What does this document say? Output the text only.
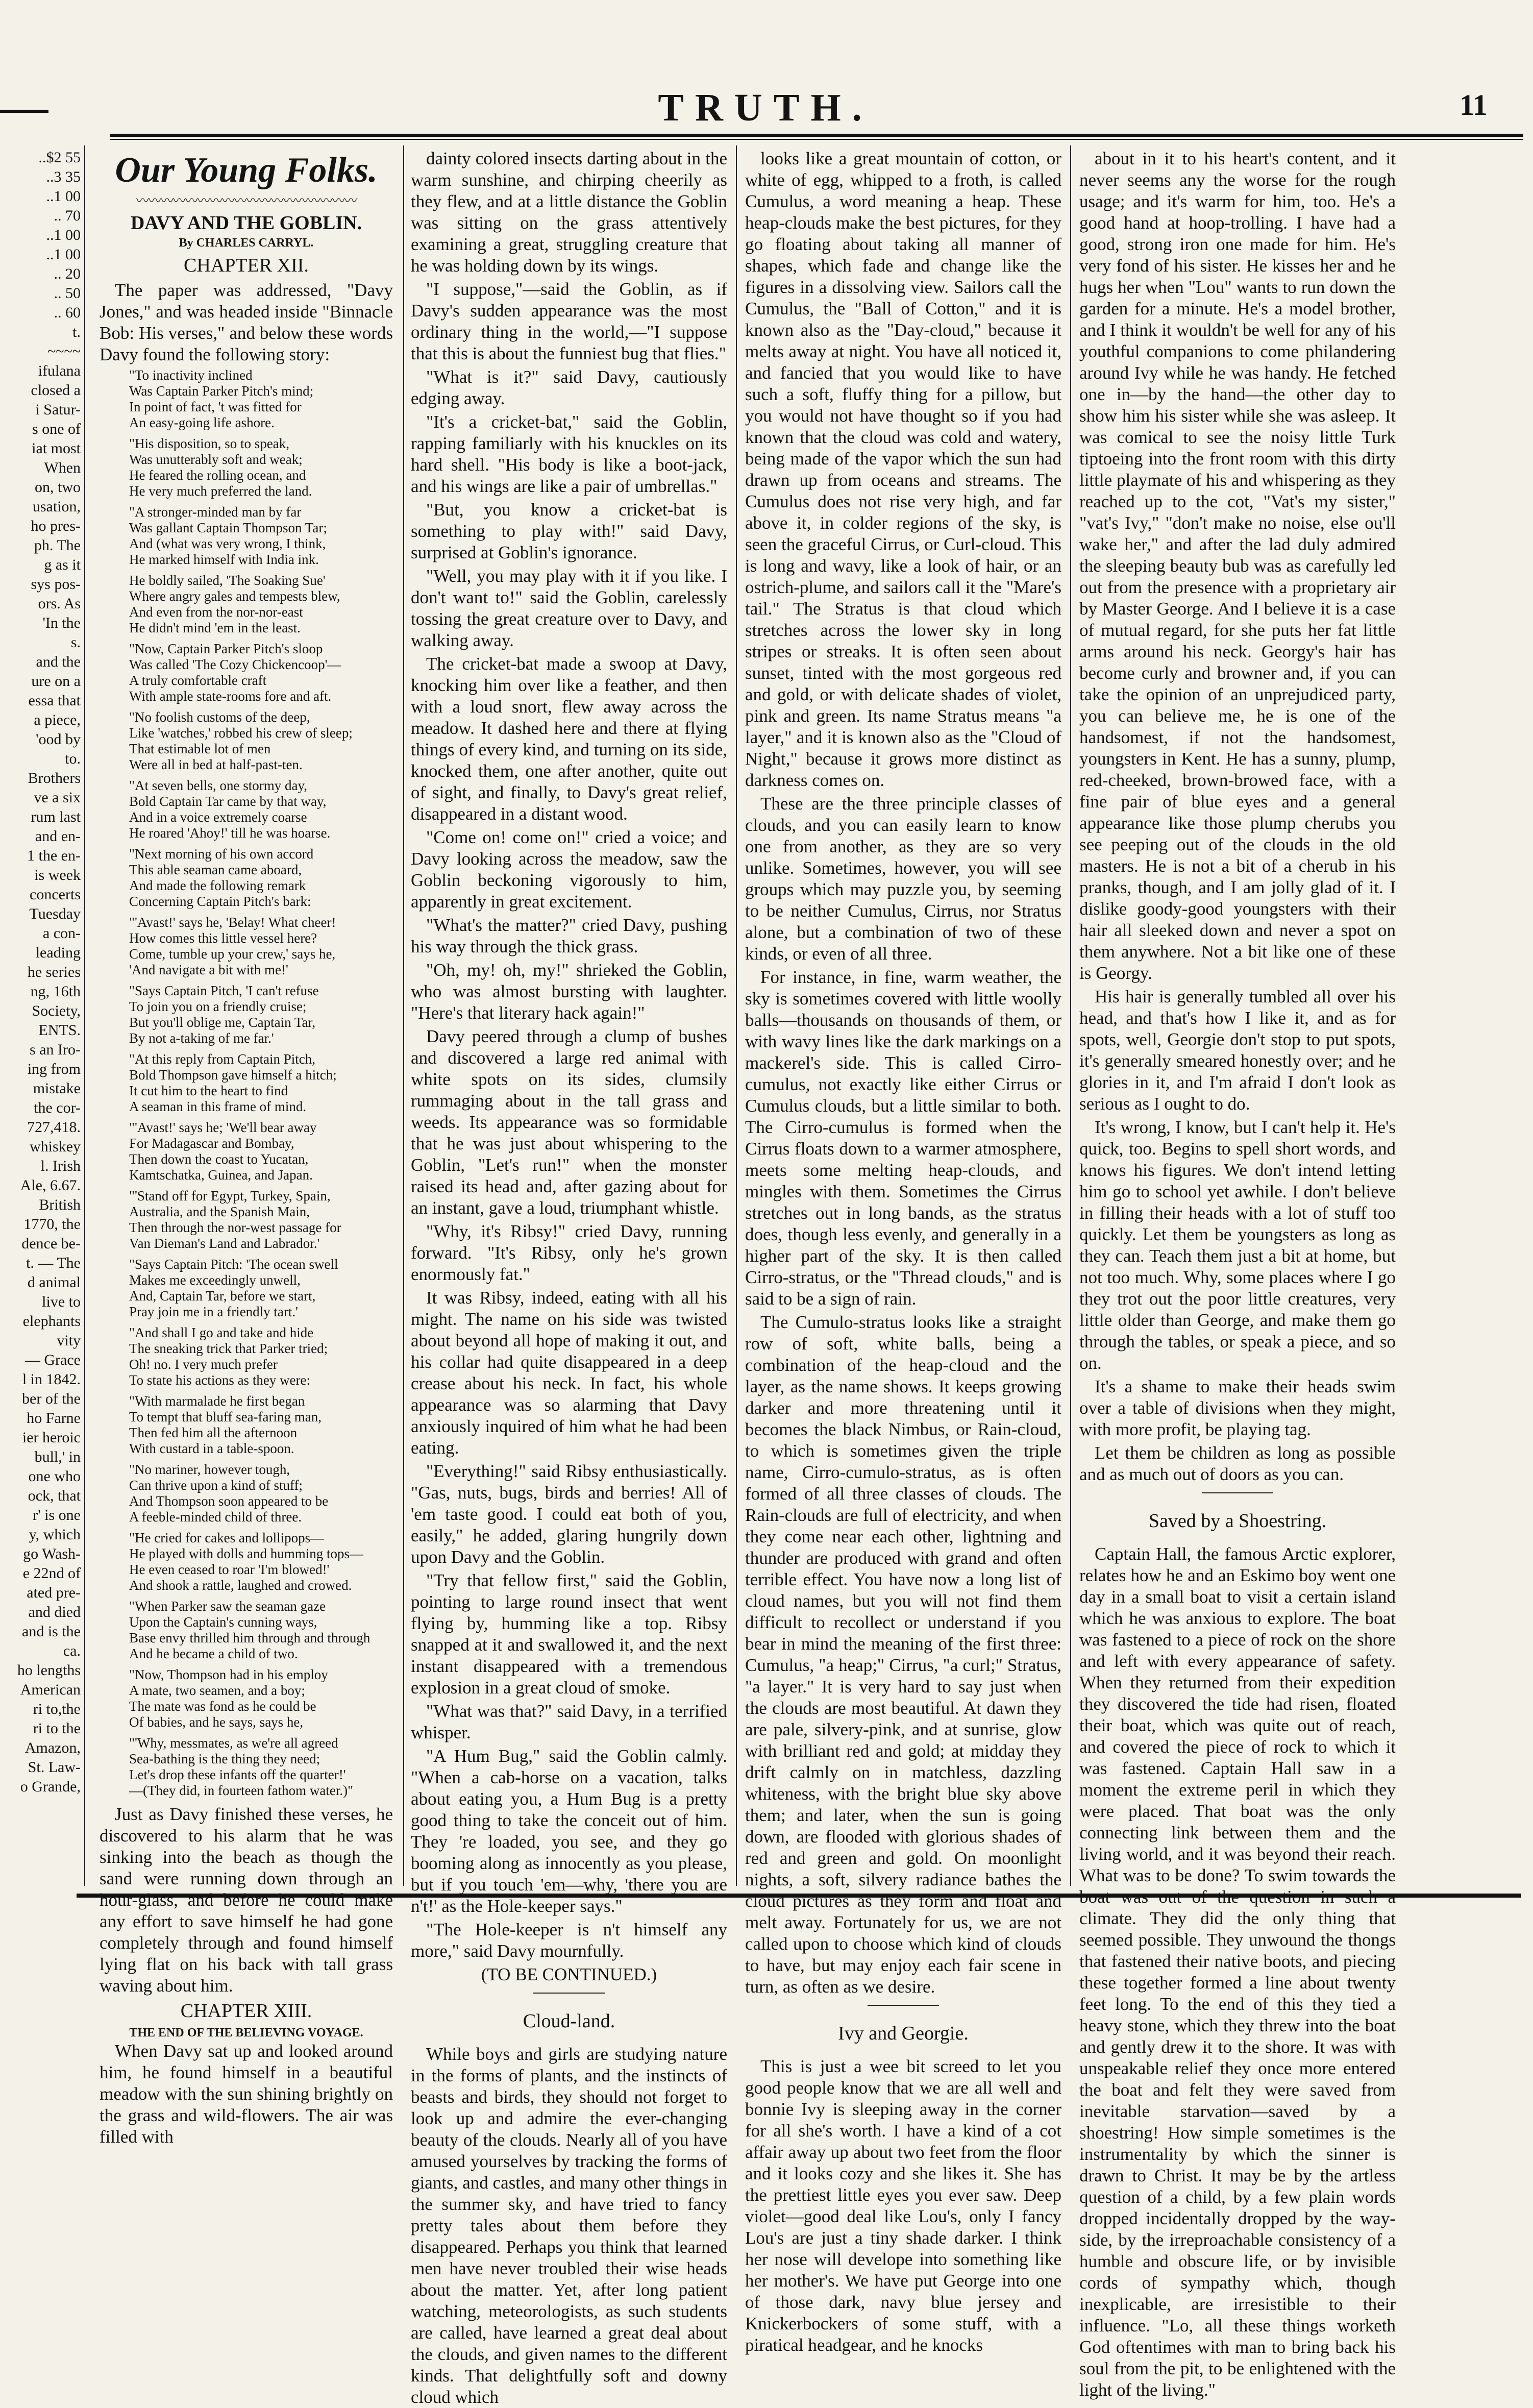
TRUTH.	11
..$2 55
..3 35
..1 00
.. 70
..1 00
..1 00
.. 20
.. 50
.. 60
t.
~~~~
ifulana
closed a
i Satur-
s one of
iat most
When
on, two
usation,
ho pres-
ph. The
g as it
sys pos-
ors. As
'In the
s.
and the
ure on a
essa that
a piece,
'ood by
to.
Brothers
ve a six
rum last
and en-
1 the en-
is week
concerts
Tuesday
a con-
leading
he series
ng, 16th
Society,
ENTS.
s an Iro-
ing from
mistake
the cor-
727,418.
whiskey
l. Irish
Ale, 6.67.
British
1770, the
dence be-
t. — The
d animal
live to
elephants
vity
— Grace
l in 1842.
ber of the
ho Farne
ier heroic
bull,' in
one who
ock, that
r' is one
y, which
go Wash-
e 22nd of
ated pre-
and died
and is the
ca.
ho lengths
American
ri to,the
ri to the
Amazon,
St. Law-
o Grande,
Our Young Folks.
〰〰〰〰〰〰〰〰〰〰〰〰〰〰〰〰〰〰
DAVY AND THE GOBLIN.
By CHARLES CARRYL.
CHAPTER XII.

The paper was addressed, "Davy Jones," and was headed inside "Binnacle Bob: His verses," and below these words Davy found the following story:

"To inactivity inclined
Was Captain Parker Pitch's mind;
In point of fact, 't was fitted for
An easy-going life ashore.
"His disposition, so to speak,
Was unutterably soft and weak;
He feared the rolling ocean, and
He very much preferred the land.
"A stronger-minded man by far
Was gallant Captain Thompson Tar;
And (what was very wrong, I think,
He marked himself with India ink.
He boldly sailed, 'The Soaking Sue'
Where angry gales and tempests blew,
And even from the nor-nor-east
He didn't mind 'em in the least.
"Now, Captain Parker Pitch's sloop
Was called 'The Cozy Chickencoop'—
A truly comfortable craft
With ample state-rooms fore and aft.
"No foolish customs of the deep,
Like 'watches,' robbed his crew of sleep;
That estimable lot of men
Were all in bed at half-past-ten.
"At seven bells, one stormy day,
Bold Captain Tar came by that way,
And in a voice extremely coarse
He roared 'Ahoy!' till he was hoarse.
"Next morning of his own accord
This able seaman came aboard,
And made the following remark
Concerning Captain Pitch's bark:
"'Avast!' says he, 'Belay! What cheer!
How comes this little vessel here?
Come, tumble up your crew,' says he,
'And navigate a bit with me!'
"Says Captain Pitch, 'I can't refuse
To join you on a friendly cruise;
But you'll oblige me, Captain Tar,
By not a-taking of me far.'
"At this reply from Captain Pitch,
Bold Thompson gave himself a hitch;
It cut him to the heart to find
A seaman in this frame of mind.
"'Avast!' says he; 'We'll bear away
For Madagascar and Bombay,
Then down the coast to Yucatan,
Kamtschatka, Guinea, and Japan.
"'Stand off for Egypt, Turkey, Spain,
Australia, and the Spanish Main,
Then through the nor-west passage for
Van Dieman's Land and Labrador.'
"Says Captain Pitch: 'The ocean swell
Makes me exceedingly unwell,
And, Captain Tar, before we start,
Pray join me in a friendly tart.'
"And shall I go and take and hide
The sneaking trick that Parker tried;
Oh! no. I very much prefer
To state his actions as they were:
"With marmalade he first began
To tempt that bluff sea-faring man,
Then fed him all the afternoon
With custard in a table-spoon.
"No mariner, however tough,
Can thrive upon a kind of stuff;
And Thompson soon appeared to be
A feeble-minded child of three.
"He cried for cakes and lollipops—
He played with dolls and humming tops—
He even ceased to roar 'I'm blowed!'
And shook a rattle, laughed and crowed.
"When Parker saw the seaman gaze
Upon the Captain's cunning ways,
Base envy thrilled him through and through
And he became a child of two.
"Now, Thompson had in his employ
A mate, two seamen, and a boy;
The mate was fond as he could be
Of babies, and he says, says he,
"'Why, messmates, as we're all agreed
Sea-bathing is the thing they need;
Let's drop these infants off the quarter!'
—(They did, in fourteen fathom water.)"

Just as Davy finished these verses, he discovered to his alarm that he was sinking into the beach as though the sand were running down through an hour-glass, and before he could make any effort to save himself he had gone completely through and found himself lying flat on his back with tall grass waving about him.

CHAPTER XIII.
THE END OF THE BELIEVING VOYAGE.

When Davy sat up and looked around him, he found himself in a beautiful meadow with the sun shining brightly on the grass and wild-flowers. The air was filled with

dainty colored insects darting about in the warm sunshine, and chirping cheerily as they flew, and at a little distance the Goblin was sitting on the grass attentively examining a great, struggling creature that he was holding down by its wings.

"I suppose,"—said the Goblin, as if Davy's sudden appearance was the most ordinary thing in the world,—"I suppose that this is about the funniest bug that flies."

"What is it?" said Davy, cautiously edging away.

"It's a cricket-bat," said the Goblin, rapping familiarly with his knuckles on its hard shell. "His body is like a boot-jack, and his wings are like a pair of umbrellas."

"But, you know a cricket-bat is something to play with!" said Davy, surprised at Goblin's ignorance.

"Well, you may play with it if you like. I don't want to!" said the Goblin, carelessly tossing the great creature over to Davy, and walking away.

The cricket-bat made a swoop at Davy, knocking him over like a feather, and then with a loud snort, flew away across the meadow. It dashed here and there at flying things of every kind, and turning on its side, knocked them, one after another, quite out of sight, and finally, to Davy's great relief, disappeared in a distant wood.

"Come on! come on!" cried a voice; and Davy looking across the meadow, saw the Goblin beckoning vigorously to him, apparently in great excitement.

"What's the matter?" cried Davy, pushing his way through the thick grass.

"Oh, my! oh, my!" shrieked the Goblin, who was almost bursting with laughter. "Here's that literary hack again!"

Davy peered through a clump of bushes and discovered a large red animal with white spots on its sides, clumsily rummaging about in the tall grass and weeds. Its appearance was so formidable that he was just about whispering to the Goblin, "Let's run!" when the monster raised its head and, after gazing about for an instant, gave a loud, triumphant whistle.

"Why, it's Ribsy!" cried Davy, running forward. "It's Ribsy, only he's grown enormously fat."

It was Ribsy, indeed, eating with all his might. The name on his side was twisted about beyond all hope of making it out, and his collar had quite disappeared in a deep crease about his neck. In fact, his whole appearance was so alarming that Davy anxiously inquired of him what he had been eating.

"Everything!" said Ribsy enthusiastically. "Gas, nuts, bugs, birds and berries! All of 'em taste good. I could eat both of you, easily," he added, glaring hungrily down upon Davy and the Goblin.

"Try that fellow first," said the Goblin, pointing to large round insect that went flying by, humming like a top. Ribsy snapped at it and swallowed it, and the next instant disappeared with a tremendous explosion in a great cloud of smoke.

"What was that?" said Davy, in a terrified whisper.

"A Hum Bug," said the Goblin calmly. "When a cab-horse on a vacation, talks about eating you, a Hum Bug is a pretty good thing to take the conceit out of him. They 're loaded, you see, and they go booming along as innocently as you please, but if you touch 'em—why, 'there you are n't!' as the Hole-keeper says."

"The Hole-keeper is n't himself any more," said Davy mournfully.

(TO BE CONTINUED.)
Cloud-land.

While boys and girls are studying nature in the forms of plants, and the instincts of beasts and birds, they should not forget to look up and admire the ever-changing beauty of the clouds. Nearly all of you have amused yourselves by tracking the forms of giants, and castles, and many other things in the summer sky, and have tried to fancy pretty tales about them before they disappeared. Perhaps you think that learned men have never troubled their wise heads about the matter. Yet, after long patient watching, meteorologists, as such students are called, have learned a great deal about the clouds, and given names to the different kinds. That delightfully soft and downy cloud which

looks like a great mountain of cotton, or white of egg, whipped to a froth, is called Cumulus, a word meaning a heap. These heap-clouds make the best pictures, for they go floating about taking all manner of shapes, which fade and change like the figures in a dissolving view. Sailors call the Cumulus, the "Ball of Cotton," and it is known also as the "Day-cloud," because it melts away at night. You have all noticed it, and fancied that you would like to have such a soft, fluffy thing for a pillow, but you would not have thought so if you had known that the cloud was cold and watery, being made of the vapor which the sun had drawn up from oceans and streams. The Cumulus does not rise very high, and far above it, in colder regions of the sky, is seen the graceful Cirrus, or Curl-cloud. This is long and wavy, like a look of hair, or an ostrich-plume, and sailors call it the "Mare's tail." The Stratus is that cloud which stretches across the lower sky in long stripes or streaks. It is often seen about sunset, tinted with the most gorgeous red and gold, or with delicate shades of violet, pink and green. Its name Stratus means "a layer," and it is known also as the "Cloud of Night," because it grows more distinct as darkness comes on.

These are the three principle classes of clouds, and you can easily learn to know one from another, as they are so very unlike. Sometimes, however, you will see groups which may puzzle you, by seeming to be neither Cumulus, Cirrus, nor Stratus alone, but a combination of two of these kinds, or even of all three.

For instance, in fine, warm weather, the sky is sometimes covered with little woolly balls—thousands on thousands of them, or with wavy lines like the dark markings on a mackerel's side. This is called Cirro-cumulus, not exactly like either Cirrus or Cumulus clouds, but a little similar to both. The Cirro-cumulus is formed when the Cirrus floats down to a warmer atmosphere, meets some melting heap-clouds, and mingles with them. Sometimes the Cirrus stretches out in long bands, as the stratus does, though less evenly, and generally in a higher part of the sky. It is then called Cirro-stratus, or the "Thread clouds," and is said to be a sign of rain.

The Cumulo-stratus looks like a straight row of soft, white balls, being a combination of the heap-cloud and the layer, as the name shows. It keeps growing darker and more threatening until it becomes the black Nimbus, or Rain-cloud, to which is sometimes given the triple name, Cirro-cumulo-stratus, as is often formed of all three classes of clouds. The Rain-clouds are full of electricity, and when they come near each other, lightning and thunder are produced with grand and often terrible effect. You have now a long list of cloud names, but you will not find them difficult to recollect or understand if you bear in mind the meaning of the first three: Cumulus, "a heap;" Cirrus, "a curl;" Stratus, "a layer." It is very hard to say just when the clouds are most beautiful. At dawn they are pale, silvery-pink, and at sunrise, glow with brilliant red and gold; at midday they drift calmly on in matchless, dazzling whiteness, with the bright blue sky above them; and later, when the sun is going down, are flooded with glorious shades of red and green and gold. On moonlight nights, a soft, silvery radiance bathes the cloud pictures as they form and float and melt away. Fortunately for us, we are not called upon to choose which kind of clouds to have, but may enjoy each fair scene in turn, as often as we desire.

Ivy and Georgie.

This is just a wee bit screed to let you good people know that we are all well and bonnie Ivy is sleeping away in the corner for all she's worth. I have a kind of a cot affair away up about two feet from the floor and it looks cozy and she likes it. She has the prettiest little eyes you ever saw. Deep violet—good deal like Lou's, only I fancy Lou's are just a tiny shade darker. I think her nose will develope into something like her mother's. We have put George into one of those dark, navy blue jersey and Knickerbockers of some stuff, with a piratical headgear, and he knocks

about in it to his heart's content, and it never seems any the worse for the rough usage; and it's warm for him, too. He's a good hand at hoop-trolling. I have had a good, strong iron one made for him. He's very fond of his sister. He kisses her and he hugs her when "Lou" wants to run down the garden for a minute. He's a model brother, and I think it wouldn't be well for any of his youthful companions to come philandering around Ivy while he was handy. He fetched one in—by the hand—the other day to show him his sister while she was asleep. It was comical to see the noisy little Turk tiptoeing into the front room with this dirty little playmate of his and whispering as they reached up to the cot, "Vat's my sister," "vat's Ivy," "don't make no noise, else ou'll wake her," and after the lad duly admired the sleeping beauty bub was as carefully led out from the presence with a proprietary air by Master George. And I believe it is a case of mutual regard, for she puts her fat little arms around his neck. Georgy's hair has become curly and browner and, if you can take the opinion of an unprejudiced party, you can believe me, he is one of the handsomest, if not the handsomest, youngsters in Kent. He has a sunny, plump, red-cheeked, brown-browed face, with a fine pair of blue eyes and a general appearance like those plump cherubs you see peeping out of the clouds in the old masters. He is not a bit of a cherub in his pranks, though, and I am jolly glad of it. I dislike goody-good youngsters with their hair all sleeked down and never a spot on them anywhere. Not a bit like one of these is Georgy.

His hair is generally tumbled all over his head, and that's how I like it, and as for spots, well, Georgie don't stop to put spots, it's generally smeared honestly over; and he glories in it, and I'm afraid I don't look as serious as I ought to do.

It's wrong, I know, but I can't help it. He's quick, too. Begins to spell short words, and knows his figures. We don't intend letting him go to school yet awhile. I don't believe in filling their heads with a lot of stuff too quickly. Let them be youngsters as long as they can. Teach them just a bit at home, but not too much. Why, some places where I go they trot out the poor little creatures, very little older than George, and make them go through the tables, or speak a piece, and so on.

It's a shame to make their heads swim over a table of divisions when they might, with more profit, be playing tag.

Let them be children as long as possible and as much out of doors as you can.

Saved by a Shoestring.

Captain Hall, the famous Arctic explorer, relates how he and an Eskimo boy went one day in a small boat to visit a certain island which he was anxious to explore. The boat was fastened to a piece of rock on the shore and left with every appearance of safety. When they returned from their expedition they discovered the tide had risen, floated their boat, which was quite out of reach, and covered the piece of rock to which it was fastened. Captain Hall saw in a moment the extreme peril in which they were placed. That boat was the only connecting link between them and the living world, and it was beyond their reach. What was to be done? To swim towards the boat was out of the question in such a climate. They did the only thing that seemed possible. They unwound the thongs that fastened their native boots, and piecing these together formed a line about twenty feet long. To the end of this they tied a heavy stone, which they threw into the boat and gently drew it to the shore. It was with unspeakable relief they once more entered the boat and felt they were saved from inevitable starvation—saved by a shoestring! How simple sometimes is the instrumentality by which the sinner is drawn to Christ. It may be by the artless question of a child, by a few plain words dropped incidentally dropped by the way-side, by the irreproachable consistency of a humble and obscure life, or by invisible cords of sympathy which, though inexplicable, are irresistible to their influence. "Lo, all these things worketh God oftentimes with man to bring back his soul from the pit, to be enlightened with the light of the living."
